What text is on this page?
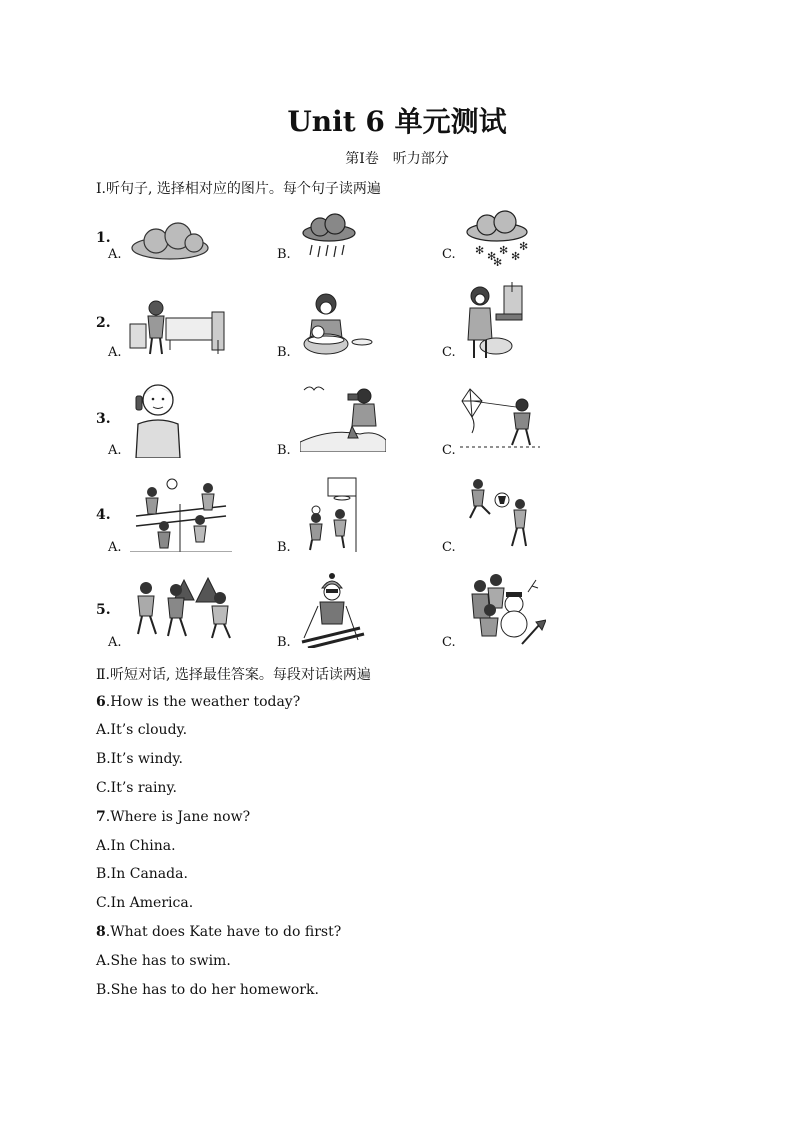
Unit 6 单元测试
第Ⅰ卷　听力部分
Ⅰ.听句子, 选择相对应的图片。每个句子读两遍
1.
A.	B.	C. ✻ ✻ ✻ ✻
✻
✻
2.
A.	B.	C.
3.
A.	B.	C.
4.
A.	B.	C.
5.
A.	B.	C.
Ⅱ.听短对话, 选择最佳答案。每段对话读两遍
6.How is the weather today?
A.It’s cloudy.
B.It’s windy.
C.It’s rainy.
7.Where is Jane now?
A.In China.
B.In Canada.
C.In America.
8.What does Kate have to do first?
A.She has to swim.
B.She has to do her homework.
